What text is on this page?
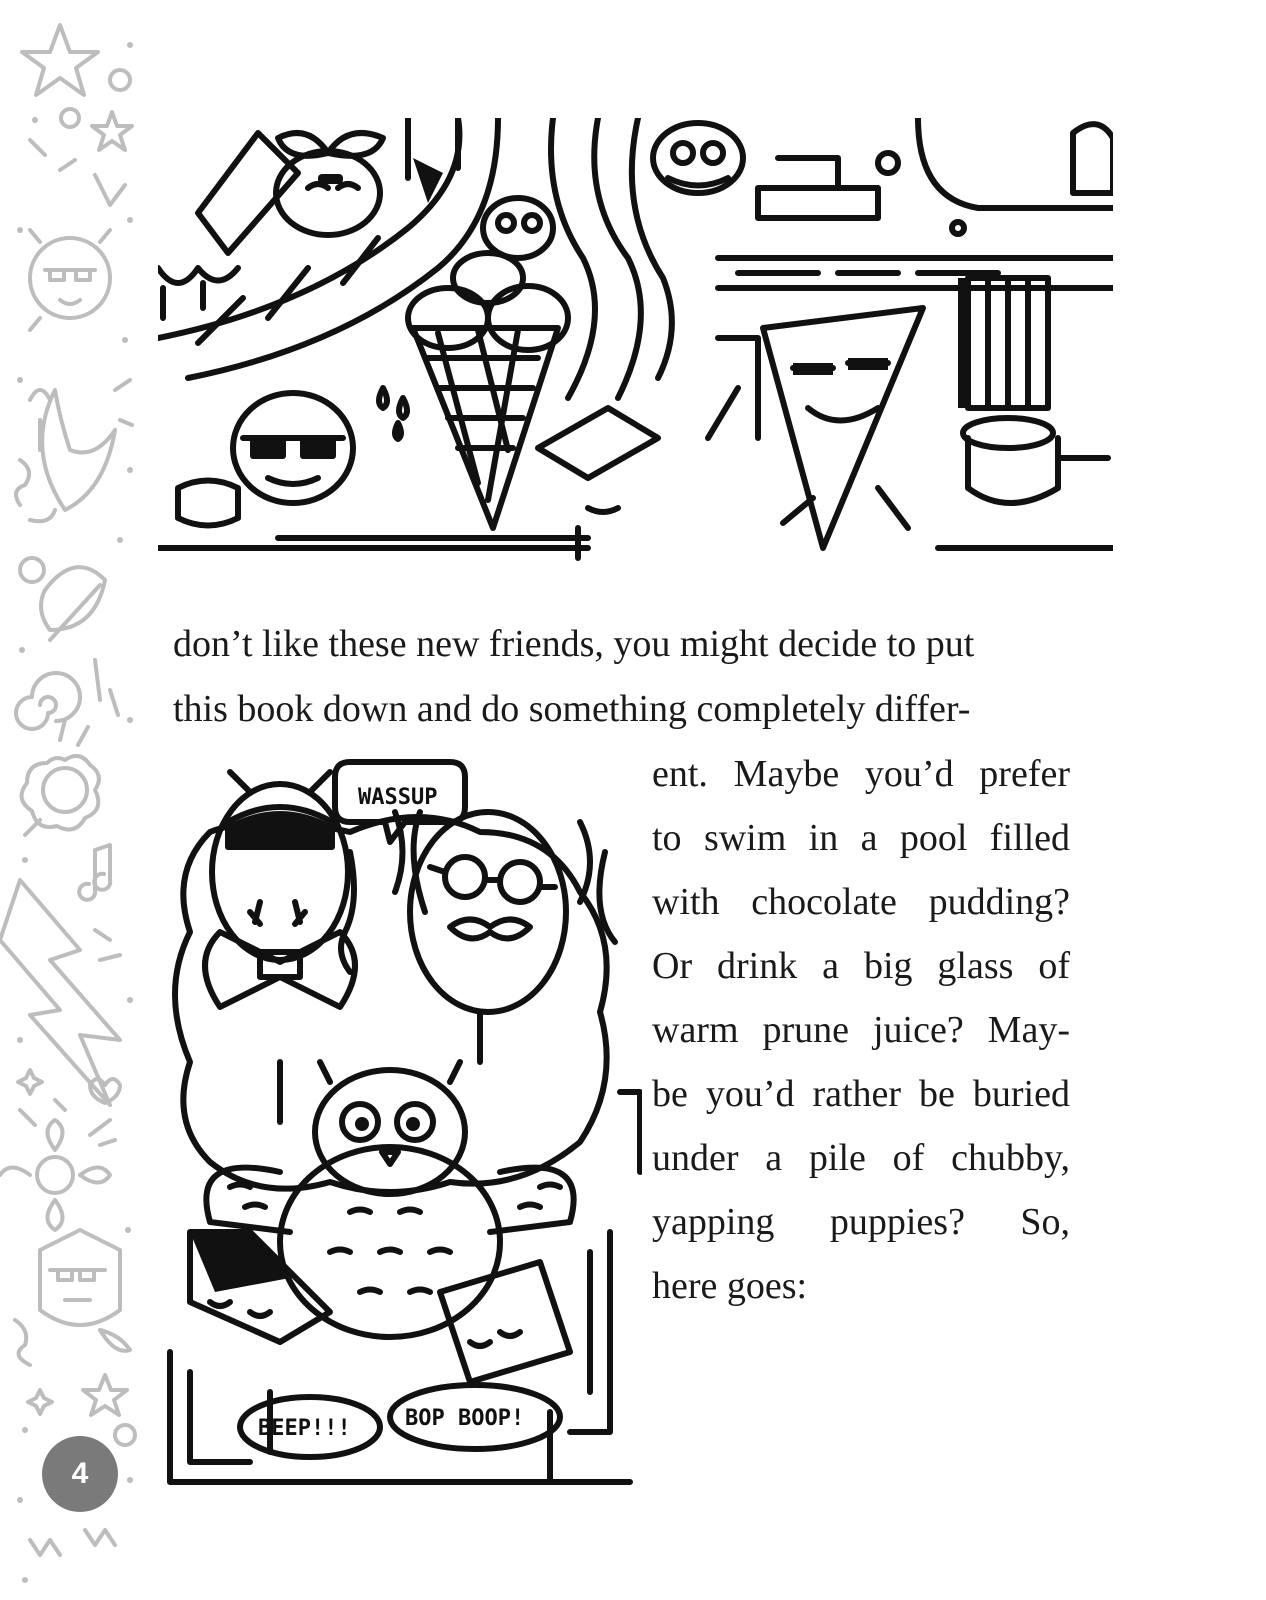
don’t like these new friends, you might decide to put
this book down and do something completely differ-
ent. Maybe you’d prefer
to swim in a pool filled
with chocolate pudding?
Or drink a big glass of
warm prune juice? May-
be you’d rather be buried
under a pile of chubby,
yapping puppies? So,
here goes:
WASSUP
BEEP!!! BOP BOOP!
4
